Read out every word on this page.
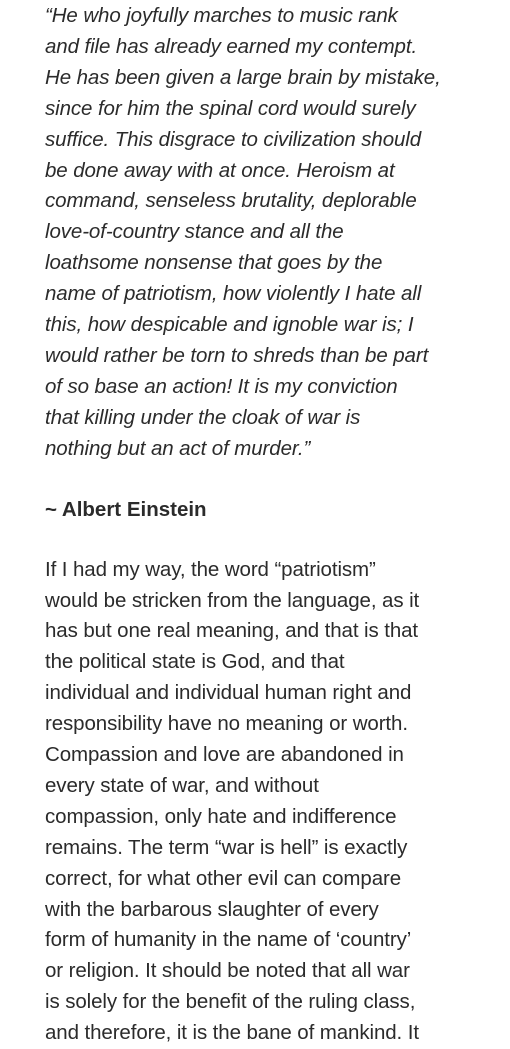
“He who joyfully marches to music rank
and file has already earned my contempt.
He has been given a large brain by mistake,
since for him the spinal cord would surely
suffice. This disgrace to civilization should
be done away with at once. Heroism at
command, senseless brutality, deplorable
love-of-country stance and all the
loathsome nonsense that goes by the
name of patriotism, how violently I hate all
this, how despicable and ignoble war is; I
would rather be torn to shreds than be part
of so base an action! It is my conviction
that killing under the cloak of war is
nothing but an act of murder.”
~ Albert Einstein
If I had my way, the word “patriotism”
would be stricken from the language, as it
has but one real meaning, and that is that
the political state is God, and that
individual and individual human right and
responsibility have no meaning or worth.
Compassion and love are abandoned in
every state of war, and without
compassion, only hate and indifference
remains. The term “war is hell” is exactly
correct, for what other evil can compare
with the barbarous slaughter of every
form of humanity in the name of ‘country’
or religion. It should be noted that all war
is solely for the benefit of the ruling class,
and therefore, it is the bane of mankind. It
